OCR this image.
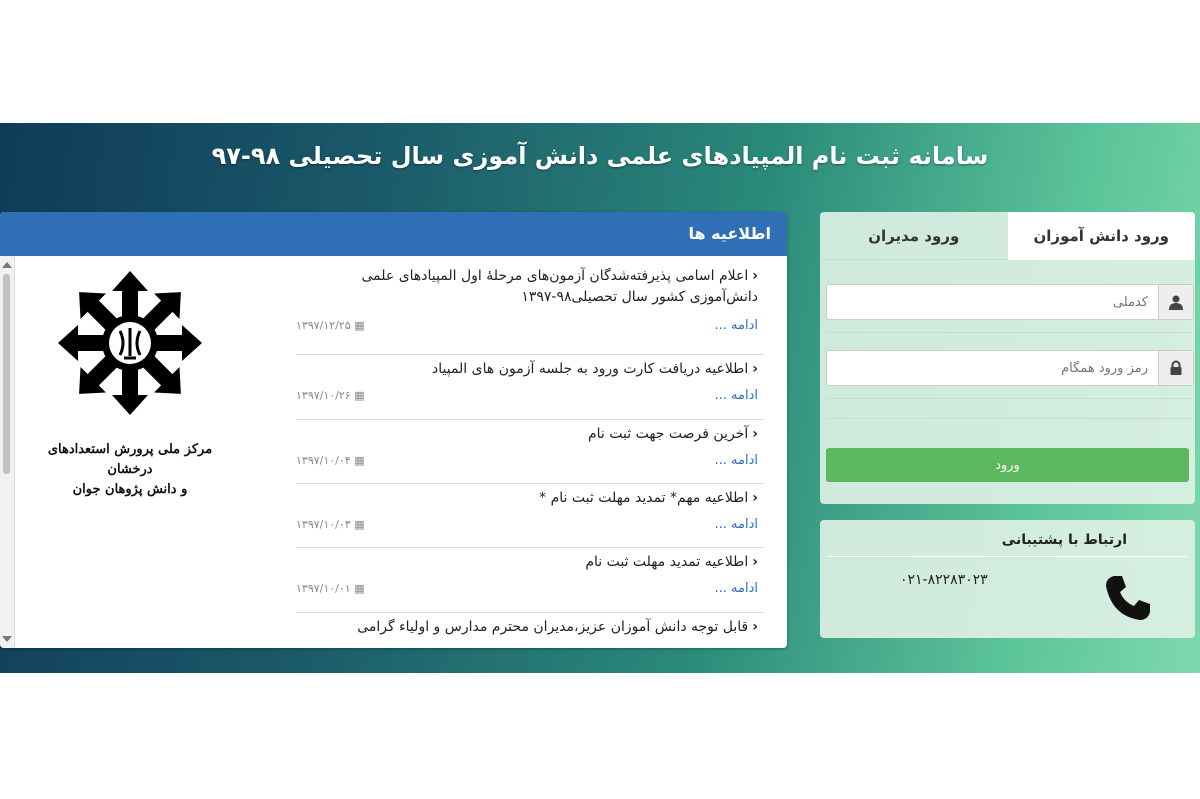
سامانه ثبت نام المپیادهای علمی دانش آموزی سال تحصیلی ۹۸-۹۷
اطلاعیه ها
مرکز ملی پرورش استعدادهای درخشان
و دانش پژوهان جوان
‹اعلام اسامی پذیرفته‌شدگان آزمون‌های مرحلهٔ اول المپیادهای علمی دانش‌آموزی کشور سال تحصیلی۹۸-۱۳۹۷
ادامه ...
۱۳۹۷/۱۲/۲۵ ▦
‹اطلاعیه دریافت کارت ورود به جلسه آزمون های المپیاد
ادامه ...
۱۳۹۷/۱۰/۲۶ ▦
‹آخرین فرصت جهت ثبت نام
ادامه ...
۱۳۹۷/۱۰/۰۴ ▦
‹اطلاعیه مهم* تمدید مهلت ثبت نام *
ادامه ...
۱۳۹۷/۱۰/۰۳ ▦
‹اطلاعیه تمدید مهلت ثبت نام
ادامه ...
۱۳۹۷/۱۰/۰۱ ▦
‹قابل توجه دانش آموزان عزیز،مدیران محترم مدارس و اولیاء گرامی
ورود دانش آموزان
ورود مدیران
کدملی
ورود
ارتباط با پشتیبانی
۰۲۱-۸۲۲۸۳۰۲۳
